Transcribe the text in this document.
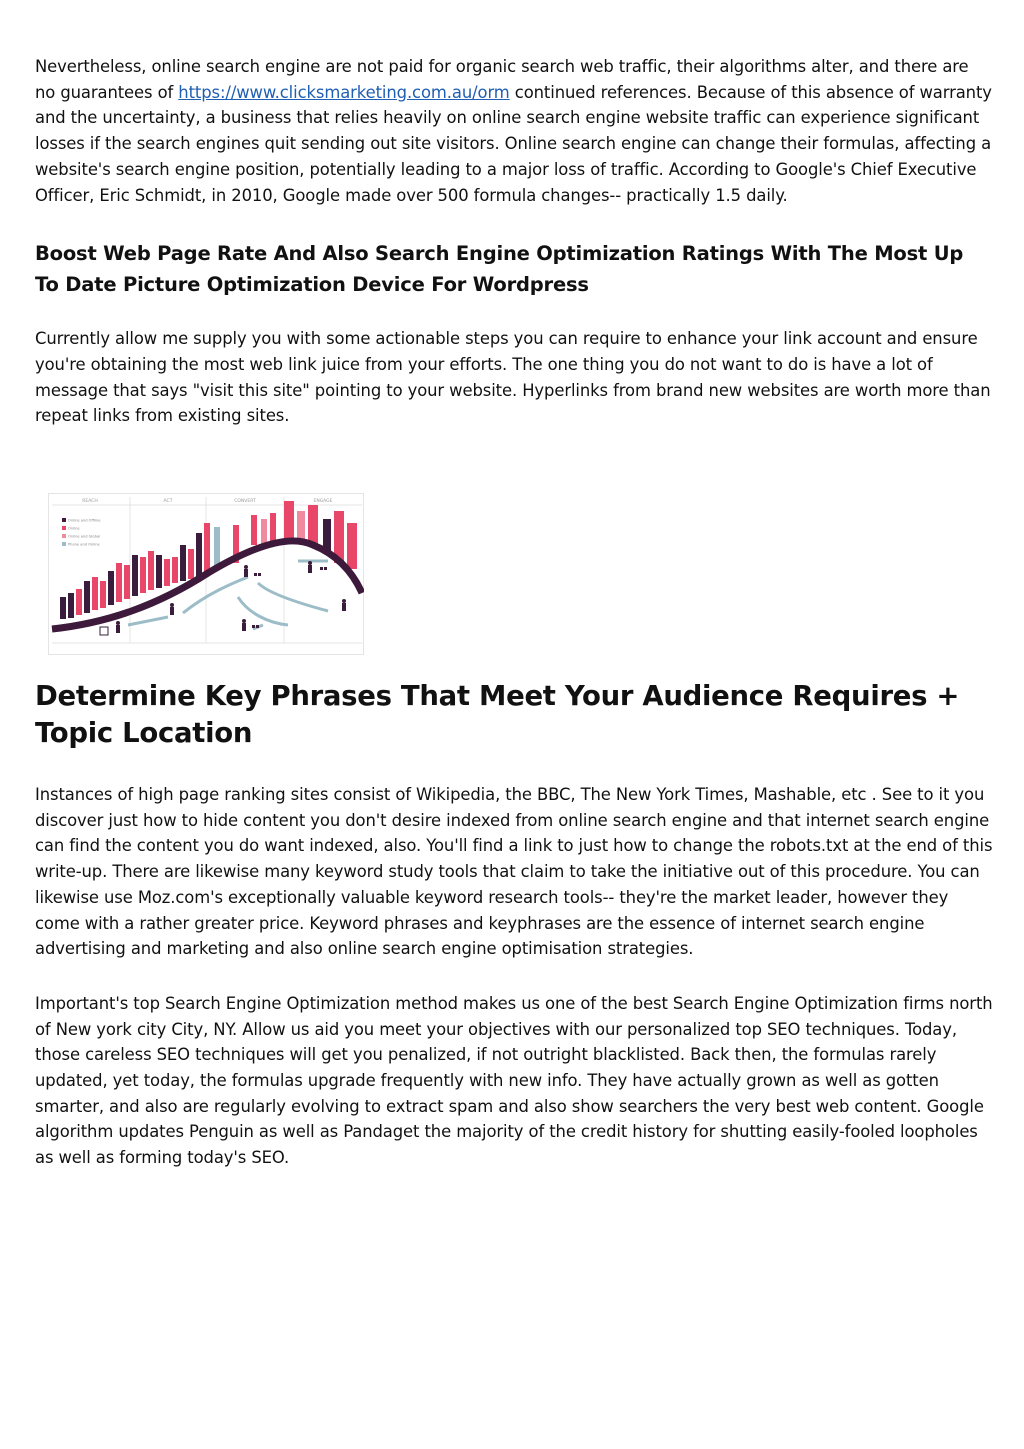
Nevertheless, online search engine are not paid for organic search web traffic, their algorithms alter, and there are no guarantees of https://www.clicksmarketing.com.au/orm continued references. Because of this absence of warranty and the uncertainty, a business that relies heavily on online search engine website traffic can experience significant losses if the search engines quit sending out site visitors. Online search engine can change their formulas, affecting a website's search engine position, potentially leading to a major loss of traffic. According to Google's Chief Executive Officer, Eric Schmidt, in 2010, Google made over 500 formula changes-- practically 1.5 daily.

Boost Web Page Rate And Also Search Engine Optimization Ratings With The Most Up To Date Picture Optimization Device For Wordpress

Currently allow me supply you with some actionable steps you can require to enhance your link account and ensure you're obtaining the most web link juice from your efforts. The one thing you do not want to do is have a lot of message that says "visit this site" pointing to your website. Hyperlinks from brand new websites are worth more than repeat links from existing sites.

Determine Key Phrases That Meet Your Audience Requires + Topic Location

Instances of high page ranking sites consist of Wikipedia, the BBC, The New York Times, Mashable, etc . See to it you discover just how to hide content you don't desire indexed from online search engine and that internet search engine can find the content you do want indexed, also. You'll find a link to just how to change the robots.txt at the end of this write-up. There are likewise many keyword study tools that claim to take the initiative out of this procedure. You can likewise use Moz.com's exceptionally valuable keyword research tools-- they're the market leader, however they come with a rather greater price. Keyword phrases and keyphrases are the essence of internet search engine advertising and marketing and also online search engine optimisation strategies.

Important's top Search Engine Optimization method makes us one of the best Search Engine Optimization firms north of New york city City, NY. Allow us aid you meet your objectives with our personalized top SEO techniques. Today, those careless SEO techniques will get you penalized, if not outright blacklisted. Back then, the formulas rarely updated, yet today, the formulas upgrade frequently with new info. They have actually grown as well as gotten smarter, and also are regularly evolving to extract spam and also show searchers the very best web content. Google algorithm updates Penguin as well as Pandaget the majority of the credit history for shutting easily-fooled loopholes as well as forming today's SEO.

REACH	ACT	CONVERT	ENGAGE
Online and Offline
Online
Online and Global
Phone and Online
